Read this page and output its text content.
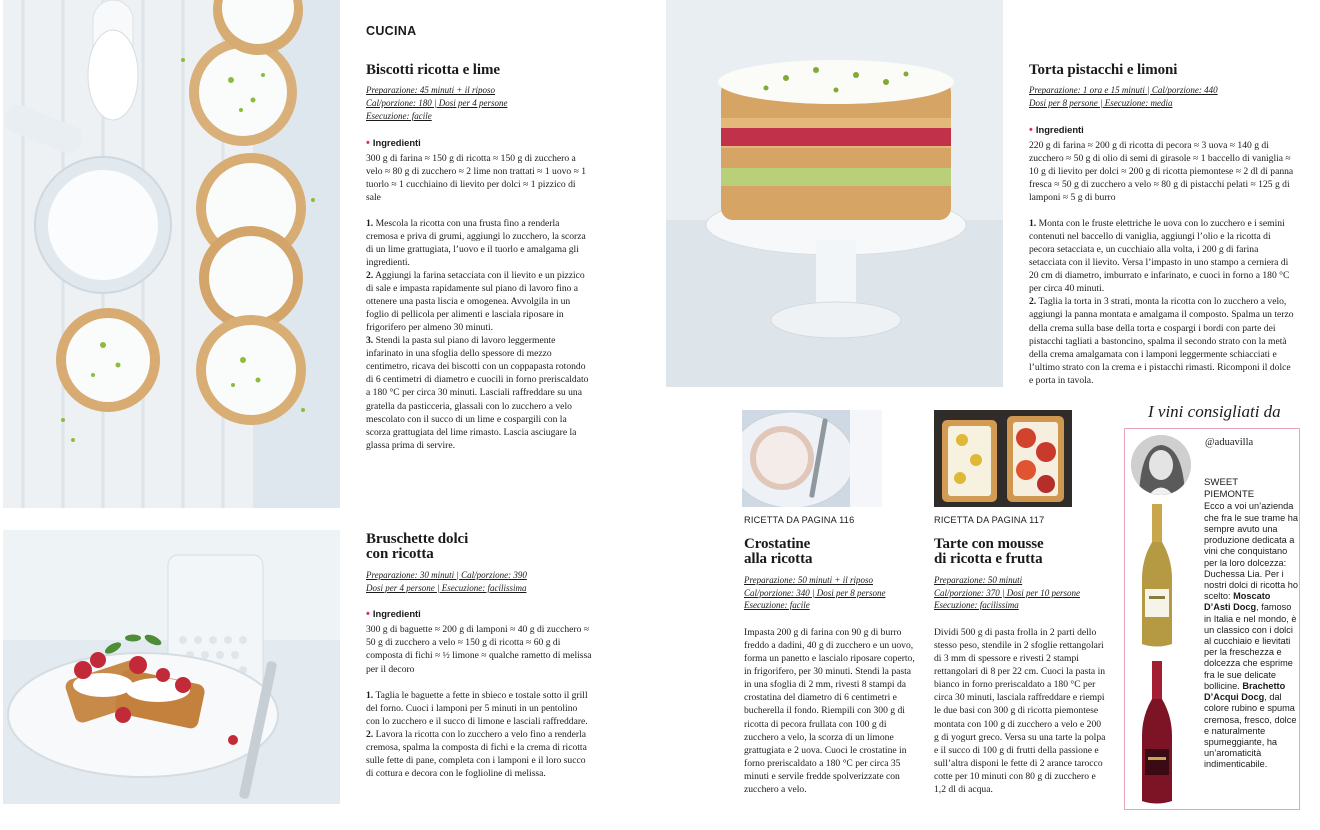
CUCINA
Biscotti ricotta e lime
Preparazione: 45 minuti + il riposo
Cal/porzione: 180 | Dosi per 4 persone
Esecuzione: facile
• Ingredienti
300 g di farina ≈ 150 g di ricotta ≈ 150 g di zucchero a velo ≈ 80 g di zucchero ≈ 2 lime non trattati ≈ 1 uovo ≈ 1 tuorlo ≈ 1 cucchiaino di lievito per dolci ≈ 1 pizzico di sale

1. Mescola la ricotta con una frusta fino a renderla cremosa e priva di grumi, aggiungi lo zucchero, la scorza di un lime grattugiata, l’uovo e il tuorlo e amalgama gli ingredienti.

2. Aggiungi la farina setacciata con il lievito e un pizzico di sale e impasta rapidamente sul piano di lavoro fino a ottenere una pasta liscia e omogenea. Avvolgila in un foglio di pellicola per alimenti e lasciala riposare in frigorifero per almeno 30 minuti.

3. Stendi la pasta sul piano di lavoro leggermente infarinato in una sfoglia dello spessore di mezzo centimetro, ricava dei biscotti con un coppapasta rotondo di 6 centimetri di diametro e cuocili in forno preriscaldato a 180 °C per circa 30 minuti. Lasciali raffreddare su una gratella da pasticceria, glassali con lo zucchero a velo mescolato con il succo di un lime e cospargili con la scorza grattugiata del lime rimasto. Lascia asciugare la glassa prima di servire.

Bruschette dolci
con ricotta
Preparazione: 30 minuti | Cal/porzione: 390
Dosi per 4 persone | Esecuzione: facilissima
• Ingredienti
300 g di baguette ≈ 200 g di lamponi ≈ 40 g di zucchero ≈ 50 g di zucchero a velo ≈ 150 g di ricotta ≈ 60 g di composta di fichi ≈ ½ limone ≈ qualche rametto di melissa per il decoro

1. Taglia le baguette a fette in sbieco e tostale sotto il grill del forno. Cuoci i lamponi per 5 minuti in un pentolino con lo zucchero e il succo di limone e lasciali raffreddare.

2. Lavora la ricotta con lo zucchero a velo fino a renderla cremosa, spalma la composta di fichi e la crema di ricotta sulle fette di pane, completa con i lamponi e il loro succo di cottura e decora con le foglioline di melissa.

Torta pistacchi e limoni
Preparazione: 1 ora e 15 minuti | Cal/porzione: 440
Dosi per 8 persone | Esecuzione: media
• Ingredienti
220 g di farina ≈ 200 g di ricotta di pecora ≈ 3 uova ≈ 140 g di zucchero ≈ 50 g di olio di semi di girasole ≈ 1 baccello di vaniglia ≈ 10 g di lievito per dolci ≈ 200 g di ricotta piemontese ≈ 2 dl di panna fresca ≈ 50 g di zucchero a velo ≈ 80 g di pistacchi pelati ≈ 125 g di lamponi ≈ 5 g di burro

1. Monta con le fruste elettriche le uova con lo zucchero e i semini contenuti nel baccello di vaniglia, aggiungi l’olio e la ricotta di pecora setacciata e, un cucchiaio alla volta, i 200 g di farina setacciata con il lievito. Versa l’impasto in uno stampo a cerniera di 20 cm di diametro, imburrato e infarinato, e cuoci in forno a 180 °C per circa 40 minuti.

2. Taglia la torta in 3 strati, monta la ricotta con lo zucchero a velo, aggiungi la panna montata e amalgama il composto. Spalma un terzo della crema sulla base della torta e cospargi i bordi con parte dei pistacchi tagliati a bastoncino, spalma il secondo strato con la metà della crema amalgamata con i lamponi leggermente schiacciati e l’ultimo strato con la crema e i pistacchi rimasti. Ricomponi il dolce e porta in tavola.

RICETTA DA PAGINA 116
Crostatine
alla ricotta
Preparazione: 50 minuti + il riposo
Cal/porzione: 340 | Dosi per 8 persone
Esecuzione: facile
Impasta 200 g di farina con 90 g di burro freddo a dadini, 40 g di zucchero e un uovo, forma un panetto e lascialo riposare coperto, in frigorifero, per 30 minuti. Stendi la pasta in una sfoglia di 2 mm, rivesti 8 stampi da crostatina del diametro di 6 centimetri e bucherella il fondo. Riempili con 300 g di ricotta di pecora frullata con 100 g di zucchero a velo, la scorza di un limone grattugiata e 2 uova. Cuoci le crostatine in forno preriscaldato a 180 °C per circa 35 minuti e servile fredde spolverizzate con zucchero a velo.
RICETTA DA PAGINA 117
Tarte con mousse
di ricotta e frutta
Preparazione: 50 minuti
Cal/porzione: 370 | Dosi per 10 persone
Esecuzione: facilissima
Dividi 500 g di pasta frolla in 2 parti dello stesso peso, stendile in 2 sfoglie rettangolari di 3 mm di spessore e rivesti 2 stampi rettangolari di 8 per 22 cm. Cuoci la pasta in bianco in forno preriscaldato a 180 °C per circa 30 minuti, lasciala raffreddare e riempi le due basi con 300 g di ricotta piemontese montata con 100 g di zucchero a velo e 200 g di yogurt greco. Versa su una tarte la polpa e il succo di 100 g di frutti della passione e sull’altra disponi le fette di 2 arance tarocco cotte per 10 minuti con 80 g di zucchero e 1,2 dl di acqua.
I vini consigliati da
@aduavilla
SWEET
PIEMONTE
Ecco a voi un’azienda che fra le sue trame ha sempre avuto una produzione dedicata a vini che conquistano per la loro dolcezza: Duchessa Lia. Per i nostri dolci di ricotta ho scelto: Moscato D’Asti Docg, famoso in Italia e nel mondo, è un classico con i dolci al cucchiaio e lievitati per la freschezza e dolcezza che esprime fra le sue delicate bollicine. Brachetto D’Acqui Docg, dal colore rubino e spuma cremosa, fresco, dolce e naturalmente spumeggiante, ha un’aromaticità indimenticabile.
